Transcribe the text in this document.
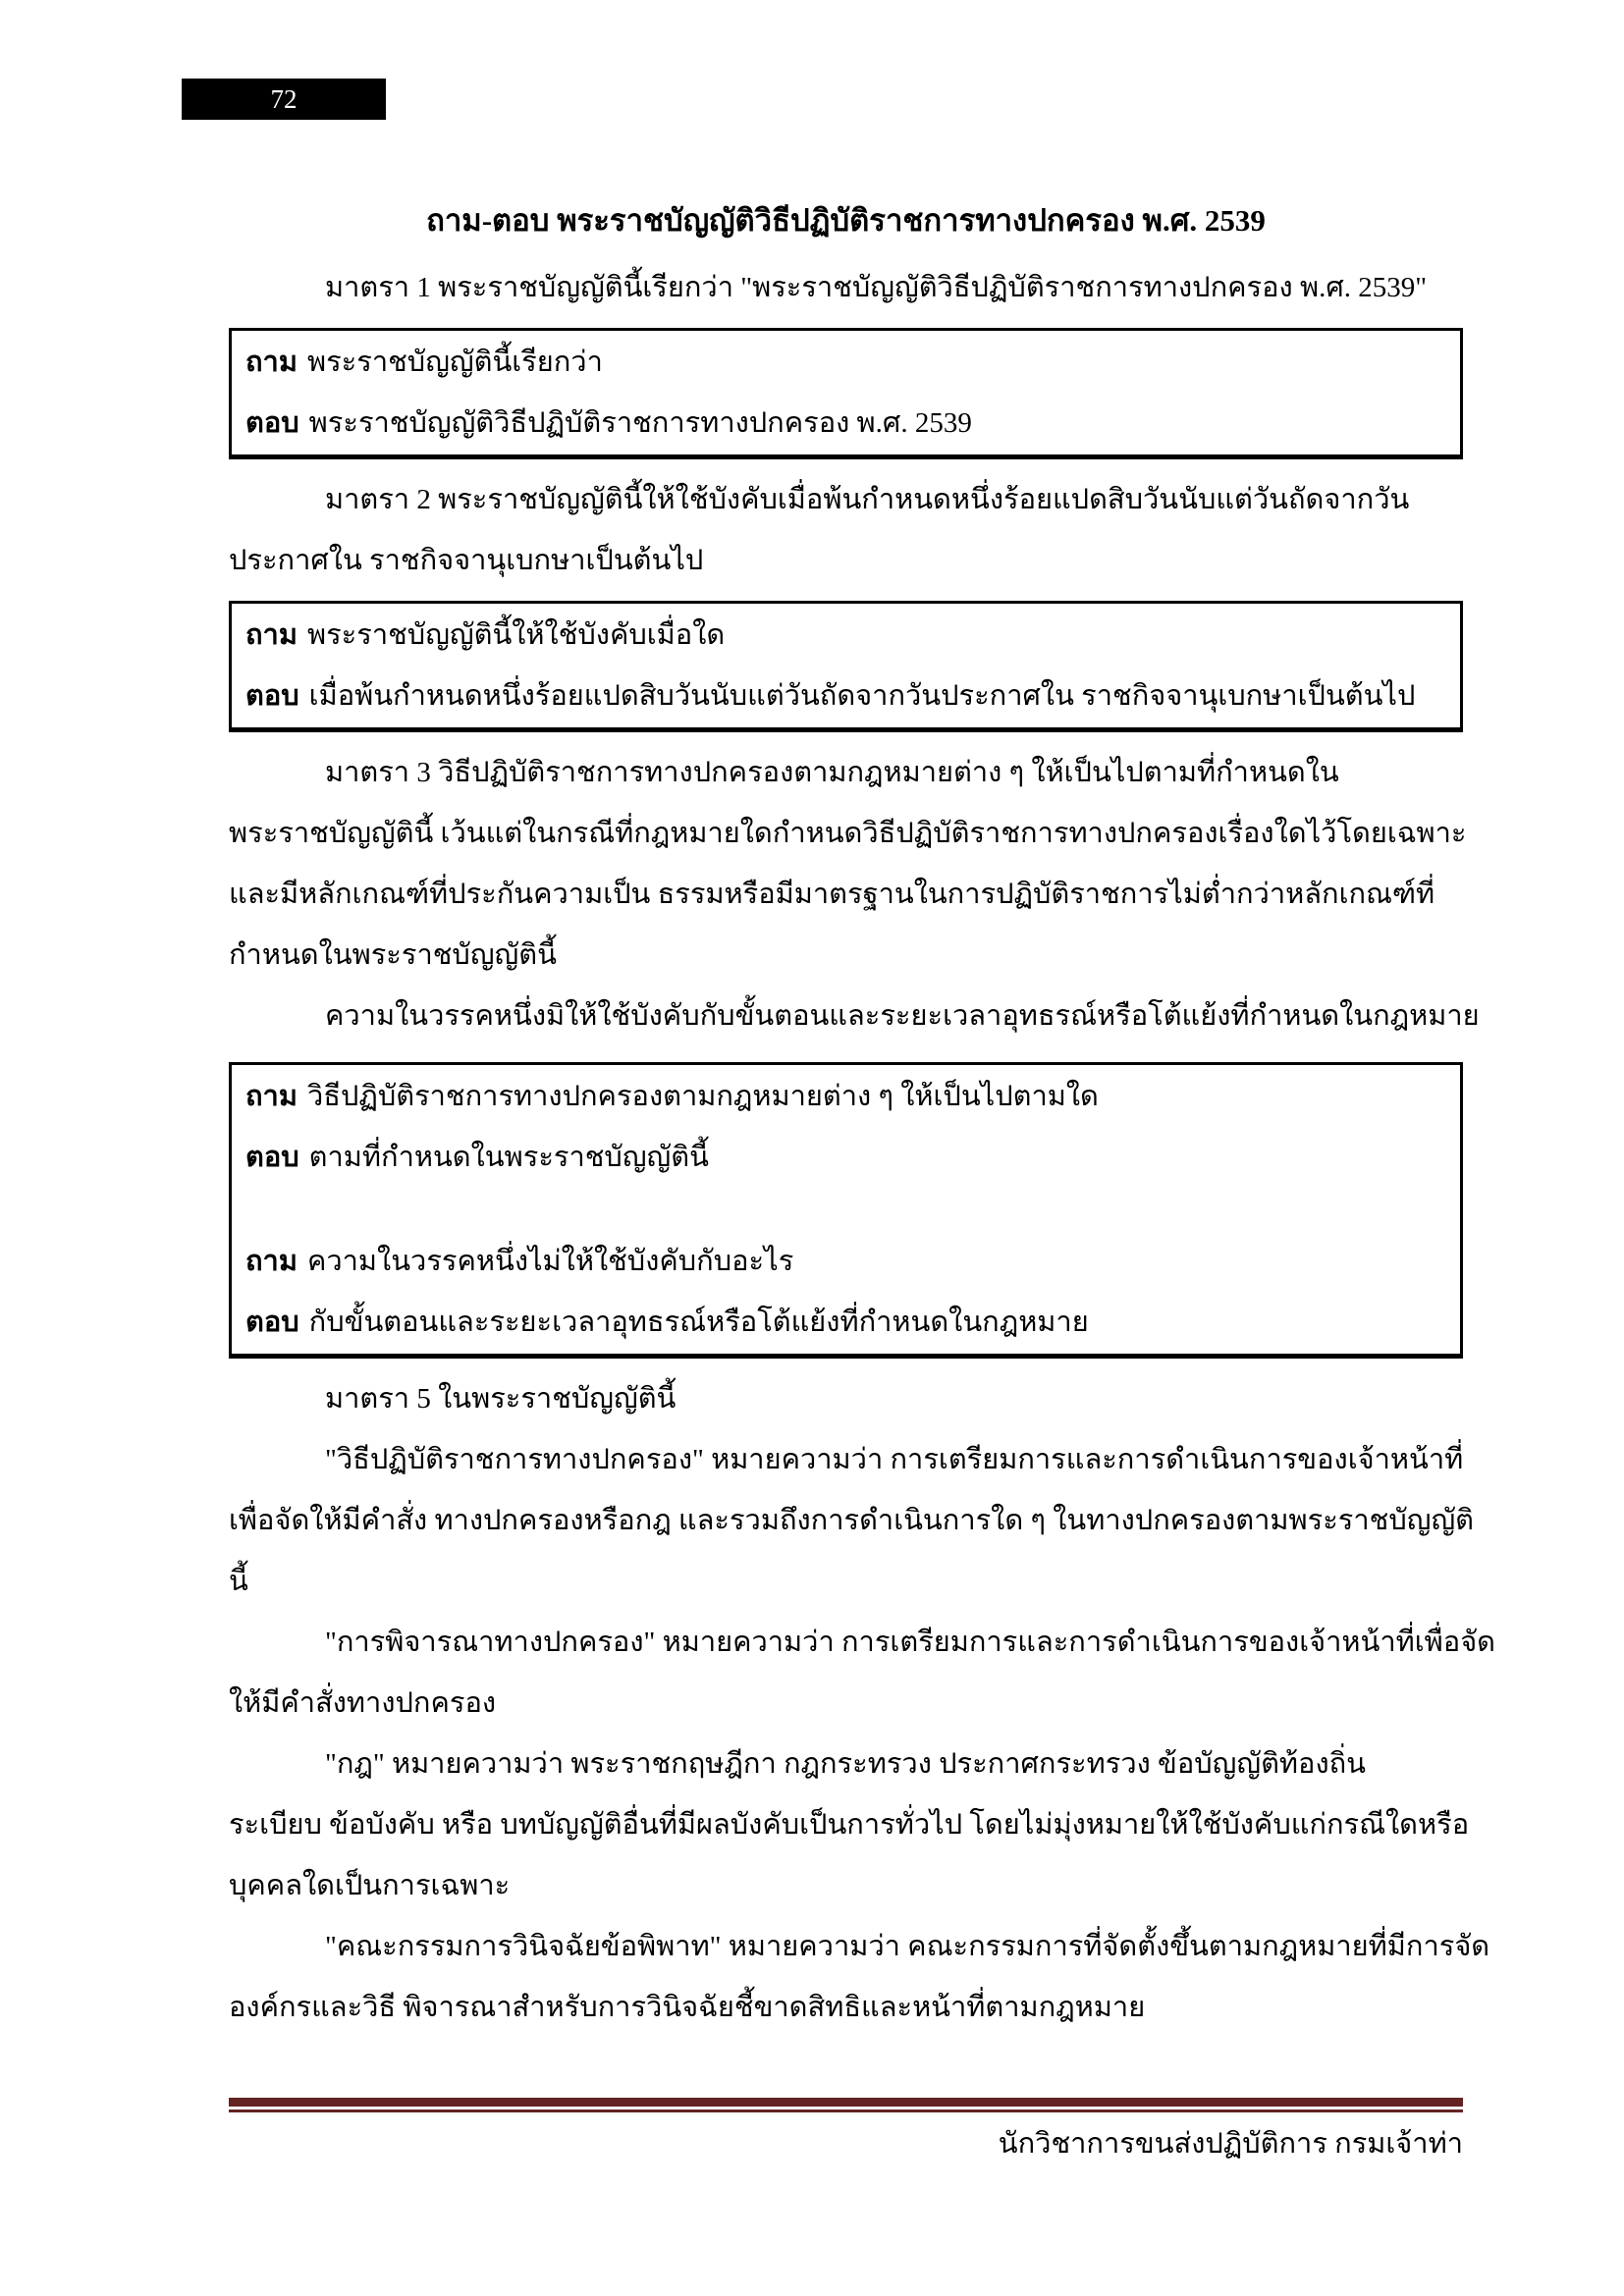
72
ถาม-ตอบ พระราชบัญญัติวิธีปฏิบัติราชการทางปกครอง พ.ศ. 2539
มาตรา 1 พระราชบัญญัตินี้เรียกว่า "พระราชบัญญัติวิธีปฏิบัติราชการทางปกครอง พ.ศ. 2539"
ถาม พระราชบัญญัตินี้เรียกว่า
ตอบ พระราชบัญญัติวิธีปฏิบัติราชการทางปกครอง พ.ศ. 2539
มาตรา 2 พระราชบัญญัตินี้ให้ใช้บังคับเมื่อพ้นกำหนดหนึ่งร้อยแปดสิบวันนับแต่วันถัดจากวัน
ประกาศใน ราชกิจจานุเบกษาเป็นต้นไป
ถาม พระราชบัญญัตินี้ให้ใช้บังคับเมื่อใด
ตอบ เมื่อพ้นกำหนดหนึ่งร้อยแปดสิบวันนับแต่วันถัดจากวันประกาศใน ราชกิจจานุเบกษาเป็นต้นไป
มาตรา 3 วิธีปฏิบัติราชการทางปกครองตามกฎหมายต่าง ๆ ให้เป็นไปตามที่กำหนดใน
พระราชบัญญัตินี้ เว้นแต่ในกรณีที่กฎหมายใดกำหนดวิธีปฏิบัติราชการทางปกครองเรื่องใดไว้โดยเฉพาะ
และมีหลักเกณฑ์ที่ประกันความเป็น ธรรมหรือมีมาตรฐานในการปฏิบัติราชการไม่ต่ำกว่าหลักเกณฑ์ที่
กำหนดในพระราชบัญญัตินี้
ความในวรรคหนึ่งมิให้ใช้บังคับกับขั้นตอนและระยะเวลาอุทธรณ์หรือโต้แย้งที่กำหนดในกฎหมาย
ถาม วิธีปฏิบัติราชการทางปกครองตามกฎหมายต่าง ๆ ให้เป็นไปตามใด
ตอบ ตามที่กำหนดในพระราชบัญญัตินี้
ถาม ความในวรรคหนึ่งไม่ให้ใช้บังคับกับอะไร
ตอบ กับขั้นตอนและระยะเวลาอุทธรณ์หรือโต้แย้งที่กำหนดในกฎหมาย
มาตรา 5 ในพระราชบัญญัตินี้
"วิธีปฏิบัติราชการทางปกครอง" หมายความว่า การเตรียมการและการดำเนินการของเจ้าหน้าที่
เพื่อจัดให้มีคำสั่ง ทางปกครองหรือกฎ และรวมถึงการดำเนินการใด ๆ ในทางปกครองตามพระราชบัญญัติ
นี้
"การพิจารณาทางปกครอง" หมายความว่า การเตรียมการและการดำเนินการของเจ้าหน้าที่เพื่อจัด
ให้มีคำสั่งทางปกครอง
"กฎ" หมายความว่า พระราชกฤษฎีกา กฎกระทรวง ประกาศกระทรวง ข้อบัญญัติท้องถิ่น
ระเบียบ ข้อบังคับ หรือ บทบัญญัติอื่นที่มีผลบังคับเป็นการทั่วไป โดยไม่มุ่งหมายให้ใช้บังคับแก่กรณีใดหรือ
บุคคลใดเป็นการเฉพาะ
"คณะกรรมการวินิจฉัยข้อพิพาท" หมายความว่า คณะกรรมการที่จัดตั้งขึ้นตามกฎหมายที่มีการจัด
องค์กรและวิธี พิจารณาสำหรับการวินิจฉัยชี้ขาดสิทธิและหน้าที่ตามกฎหมาย
นักวิชาการขนส่งปฏิบัติการ กรมเจ้าท่า
